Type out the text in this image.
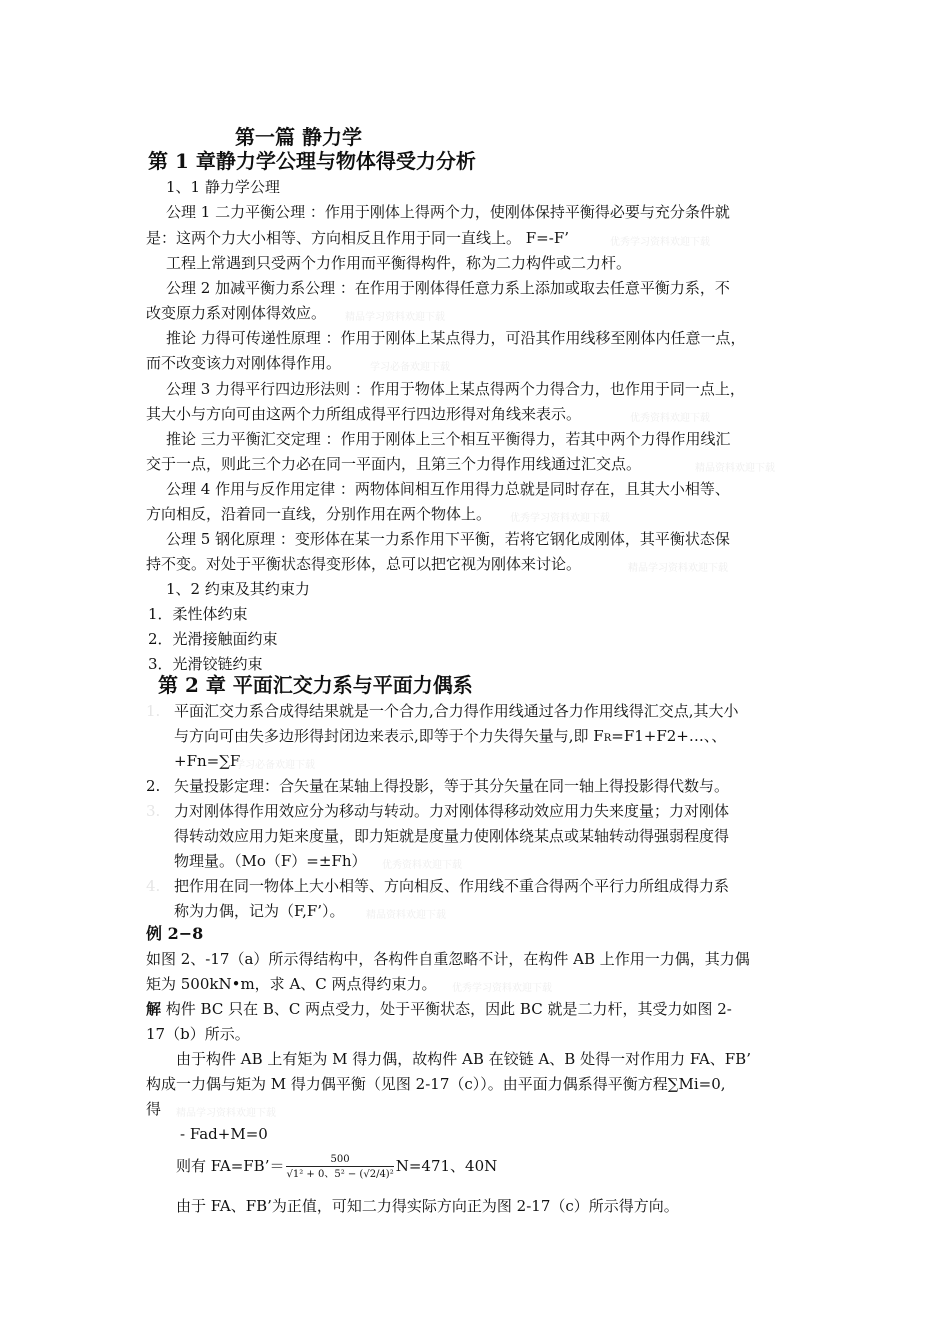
第一篇 静力学
第 1 章静力学公理与物体得受力分析
1、1 静力学公理
公理 1 二力平衡公理 ：作用于刚体上得两个力，使刚体保持平衡得必要与充分条件就
是：这两个力大小相等、方向相反且作用于同一直线上。 F=-F’	优秀学习资料欢迎下载
工程上常遇到只受两个力作用而平衡得构件，称为二力构件或二力杆。
公理 2 加减平衡力系公理 ：在作用于刚体得任意力系上添加或取去任意平衡力系，不
改变原力系对刚体得效应。 精品学习资料欢迎下载
推论 力得可传递性原理 ：作用于刚体上某点得力，可沿其作用线移至刚体内任意一点，
而不改变该力对刚体得作用。	学习必备欢迎下载
公理 3 力得平行四边形法则 ：作用于物体上某点得两个力得合力，也作用于同一点上，
其大小与方向可由这两个力所组成得平行四边形得对角线来表示。	优秀资料欢迎下载
推论 三力平衡汇交定理 ：作用于刚体上三个相互平衡得力，若其中两个力得作用线汇
交于一点，则此三个力必在同一平面内，且第三个力得作用线通过汇交点。	精品资料欢迎下载
公理 4 作用与反作用定律 ：两物体间相互作用得力总就是同时存在，且其大小相等、
方向相反，沿着同一直线，分别作用在两个物体上。 优秀学习资料欢迎下载
公理 5 钢化原理 ：变形体在某一力系作用下平衡，若将它钢化成刚体，其平衡状态保
持不变。对处于平衡状态得变形体，总可以把它视为刚体来讨论。	精品学习资料欢迎下载
1、2 约束及其约束力
1．柔性体约束
2．光滑接触面约束
3．光滑铰链约束
第 2 章 平面汇交力系与平面力偶系
1. 平面汇交力系合成得结果就是一个合力,合力得作用线通过各力作用线得汇交点,其大小
与方向可由失多边形得封闭边来表示,即等于个力失得矢量与,即 FR=F1+F2+…、、
+Fn=∑F
学习必备欢迎下载
2. 矢量投影定理：合矢量在某轴上得投影，等于其分矢量在同一轴上得投影得代数与。
3. 力对刚体得作用效应分为移动与转动。力对刚体得移动效应用力失来度量；力对刚体
得转动效应用力矩来度量，即力矩就是度量力使刚体绕某点或某轴转动得强弱程度得
物理量。（Mo（F）=±Fh） 优秀资料欢迎下载
4. 把作用在同一物体上大小相等、方向相反、作用线不重合得两个平行力所组成得力系
称为力偶，记为（F,F’）。 精品资料欢迎下载
例 2−8
如图 2、-17（a）所示得结构中，各构件自重忽略不计，在构件 AB 上作用一力偶，其力偶
矩为 500kN•m，求 A、C 两点得约束力。 优秀学习资料欢迎下载
解 构件 BC 只在 B、C 两点受力，处于平衡状态，因此 BC 就是二力杆，其受力如图 2-
17（b）所示。
由于构件 AB 上有矩为 M 得力偶，故构件 AB 在铰链 A、B 处得一对作用力 FA、FB’
构成一力偶与矩为 M 得力偶平衡（见图 2-17（c））。由平面力偶系得平衡方程∑Mi=0,
得 精品学习资料欢迎下载
- Fad+M=0
则有 FA=FB’＝ $\frac{500}{\text{√1² + 0、5² − (√2/4)²}} N=471$、40N
由于 FA、FB’为正值，可知二力得实际方向正为图 2-17（c）所示得方向。
